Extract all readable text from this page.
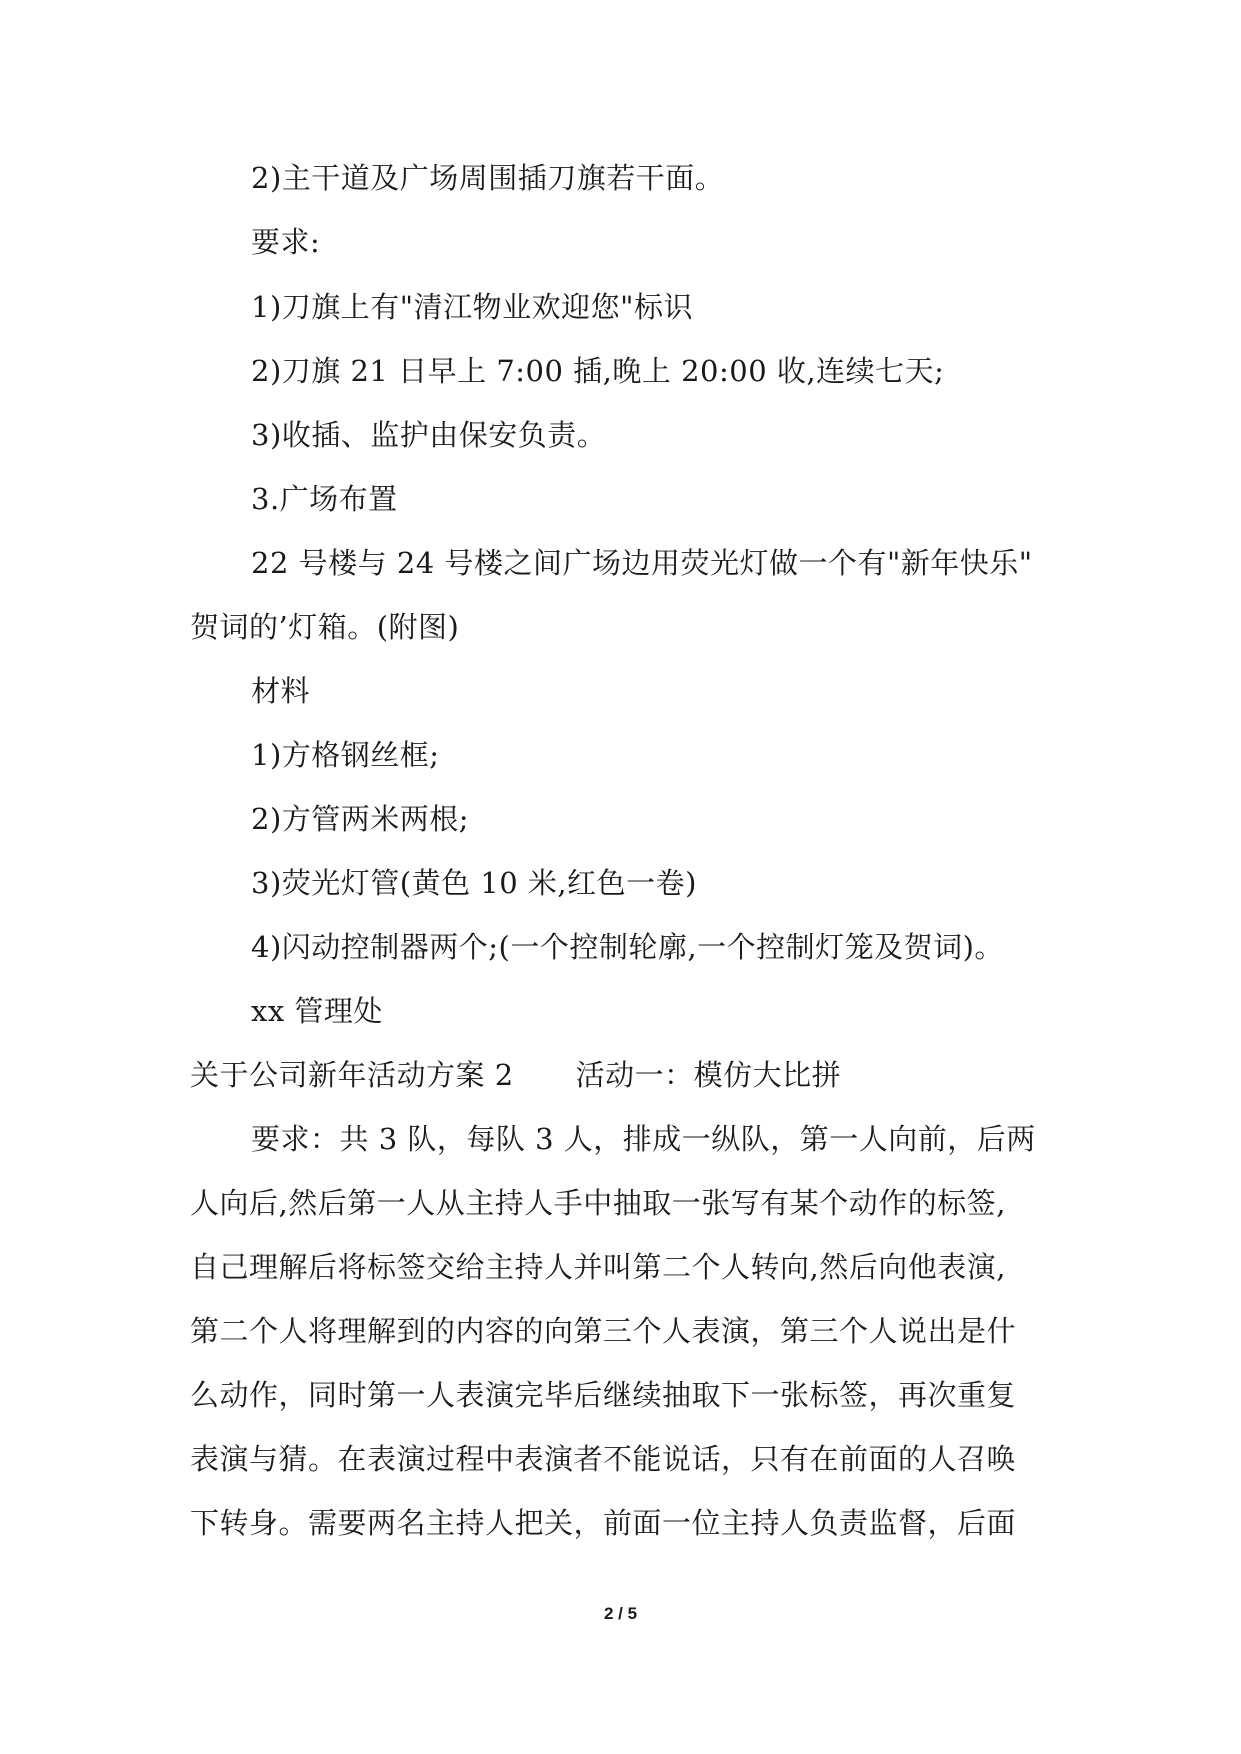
2)主干道及广场周围插刀旗若干面。
要求:
1)刀旗上有"清江物业欢迎您"标识
2)刀旗 21 日早上 7:00 插,晚上 20:00 收,连续七天;
3)收插、监护由保安负责。
3.广场布置
22 号楼与 24 号楼之间广场边用荧光灯做一个有"新年快乐"
贺词的’灯箱。(附图)
材料
1)方格钢丝框;
2)方管两米两根;
3)荧光灯管(黄色 10 米,红色一卷)
4)闪动控制器两个;(一个控制轮廓,一个控制灯笼及贺词)。
xx 管理处
关于公司新年活动方案 2 活动一：模仿大比拼
要求：共 3 队，每队 3 人，排成一纵队，第一人向前，后两
人向后,然后第一人从主持人手中抽取一张写有某个动作的标签,
自己理解后将标签交给主持人并叫第二个人转向,然后向他表演,
第二个人将理解到的内容的向第三个人表演，第三个人说出是什
么动作，同时第一人表演完毕后继续抽取下一张标签，再次重复
表演与猜。在表演过程中表演者不能说话，只有在前面的人召唤
下转身。需要两名主持人把关，前面一位主持人负责监督，后面
2 / 5
